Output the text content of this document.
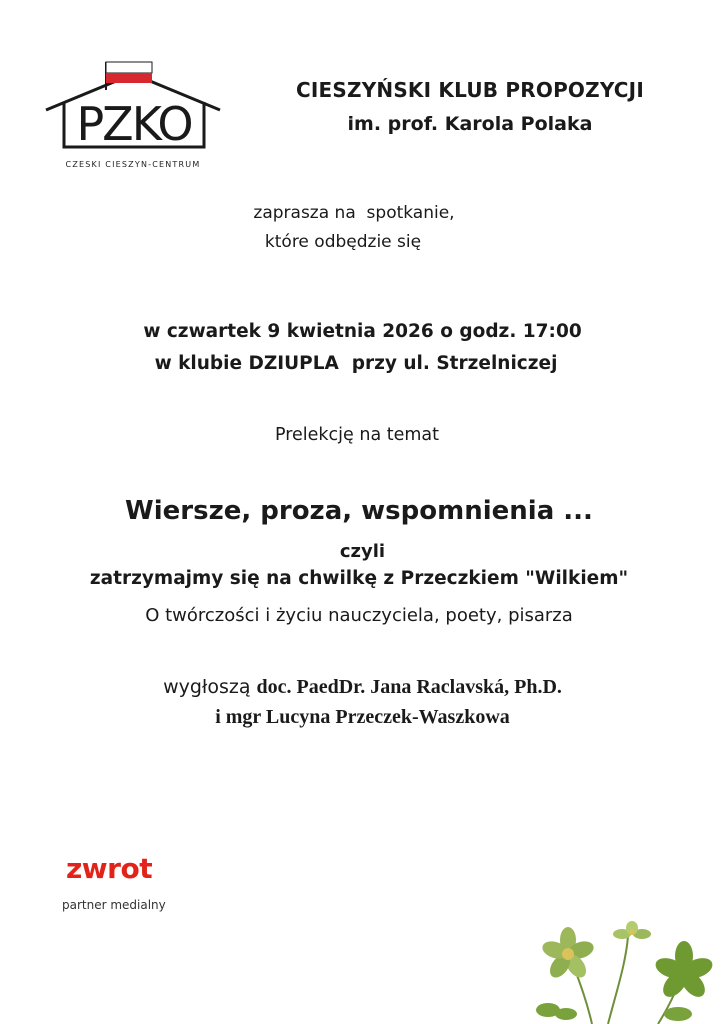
PZKO
CZESKI CIESZYN-CENTRUM
CIESZYŃSKI KLUB PROPOZYCJI
im. prof. Karola Polaka
zaprasza na  spotkanie,
które odbędzie się
w czwartek 9 kwietnia 2026 o godz. 17:00
w klubie DZIUPLA  przy ul. Strzelniczej
Prelekcję na temat
Wiersze, proza, wspomnienia ...
czyli
zatrzymajmy się na chwilkę z Przeczkiem "Wilkiem"
O twórczości i życiu nauczyciela, poety, pisarza
wygłoszą doc. PaedDr. Jana Raclavská, Ph.D.
i mgr Lucyna Przeczek-Waszkowa
zwrot
partner medialny
